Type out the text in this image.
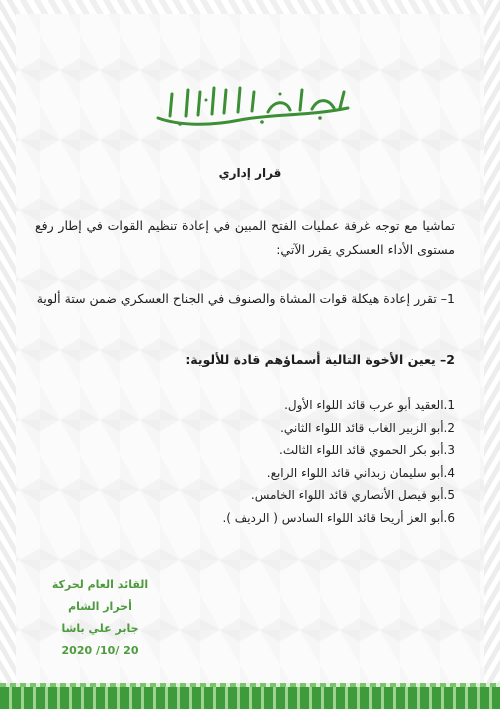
قرار إداري
تماشيا مع توجه غرفة عمليات الفتح المبين في إعادة تنظيم القوات في إطار رفع مستوى الأداء العسكري يقرر الآتي:
1– تقرر إعادة هيكلة قوات المشاة والصنوف في الجناح العسكري ضمن ستة ألوية
2– يعين الأخوة التالية أسماؤهم قادة للألوية:
1.العقيد أبو عرب قائد اللواء الأول.
2.أبو الزبير الغاب قائد اللواء الثاني.
3.أبو بكر الحموي قائد اللواء الثالث.
4.أبو سليمان زبداني قائد اللواء الرابع.
5.أبو فيصل الأنصاري قائد اللواء الخامس.
6.أبو العز أريحا قائد اللواء السادس ( الرديف ).
القائد العام لحركة
أحرار الشام
جابر علي باشا
20 /10/ 2020
